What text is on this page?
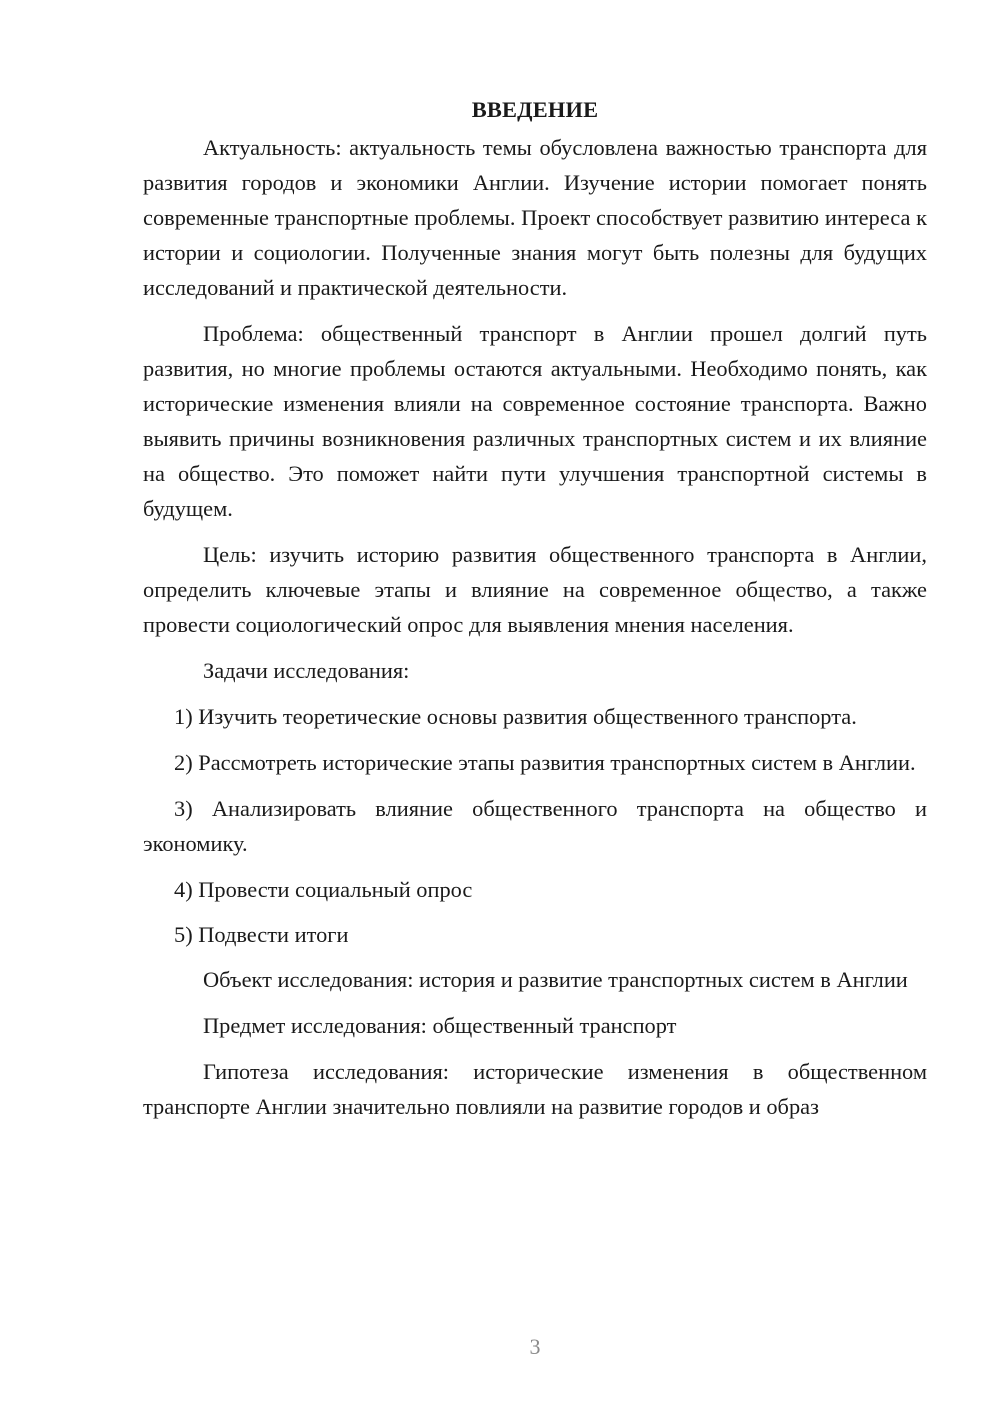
ВВЕДЕНИЕ

Актуальность: актуальность темы обусловлена важностью транспорта для развития городов и экономики Англии. Изучение истории помогает понять современные транспортные проблемы. Проект способствует развитию интереса к истории и социологии. Полученные знания могут быть полезны для будущих исследований и практической деятельности.

Проблема: общественный транспорт в Англии прошел долгий путь развития, но многие проблемы остаются актуальными. Необходимо понять, как исторические изменения влияли на современное состояние транспорта. Важно выявить причины возникновения различных транспортных систем и их влияние на общество. Это поможет найти пути улучшения транспортной системы в будущем.

Цель: изучить историю развития общественного транспорта в Англии, определить ключевые этапы и влияние на современное общество, а также провести социологический опрос для выявления мнения населения.

Задачи исследования:

1) Изучить теоретические основы развития общественного транспорта.

2) Рассмотреть исторические этапы развития транспортных систем в Англии.

3) Анализировать влияние общественного транспорта на общество и экономику.

4) Провести социальный опрос

5) Подвести итоги

Объект исследования: история и развитие транспортных систем в Англии

Предмет исследования: общественный транспорт

Гипотеза исследования: исторические изменения в общественном транспорте Англии значительно повлияли на развитие городов и образ

3
